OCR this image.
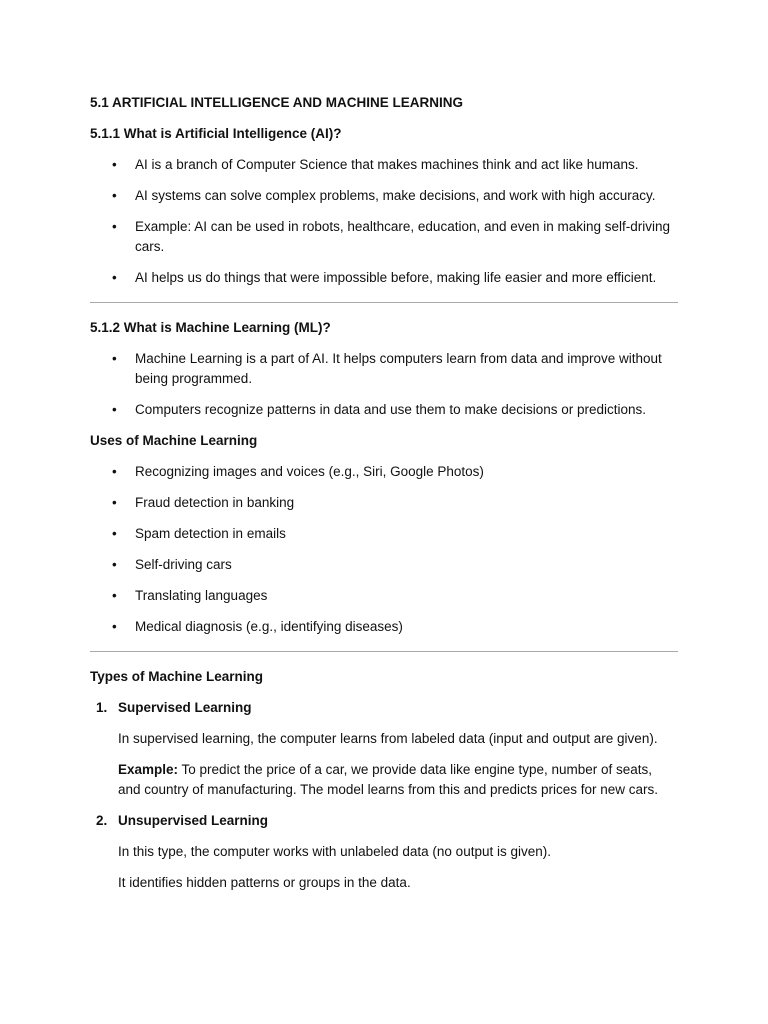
5.1 ARTIFICIAL INTELLIGENCE AND MACHINE LEARNING

5.1.1 What is Artificial Intelligence (AI)?

• AI is a branch of Computer Science that makes machines think and act like humans.
• AI systems can solve complex problems, make decisions, and work with high accuracy.
• Example: AI can be used in robots, healthcare, education, and even in making self-driving cars.
• AI helps us do things that were impossible before, making life easier and more efficient.

5.1.2 What is Machine Learning (ML)?

• Machine Learning is a part of AI. It helps computers learn from data and improve without being programmed.
• Computers recognize patterns in data and use them to make decisions or predictions.

Uses of Machine Learning

• Recognizing images and voices (e.g., Siri, Google Photos)
• Fraud detection in banking
• Spam detection in emails
• Self-driving cars
• Translating languages
• Medical diagnosis (e.g., identifying diseases)

Types of Machine Learning

1. Supervised Learning

In supervised learning, the computer learns from labeled data (input and output are given).

Example: To predict the price of a car, we provide data like engine type, number of seats, and country of manufacturing. The model learns from this and predicts prices for new cars.

2. Unsupervised Learning

In this type, the computer works with unlabeled data (no output is given).

It identifies hidden patterns or groups in the data.
